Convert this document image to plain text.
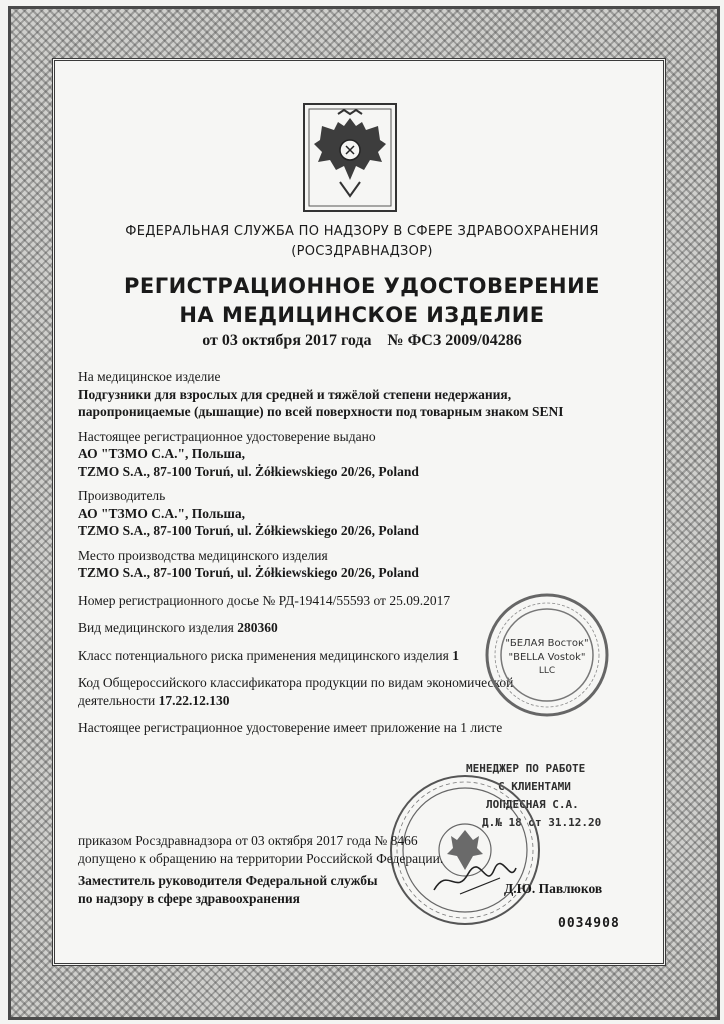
ФЕДЕРАЛЬНАЯ СЛУЖБА ПО НАДЗОРУ В СФЕРЕ ЗДРАВООХРАНЕНИЯ
(РОСЗДРАВНАДЗОР)
РЕГИСТРАЦИОННОЕ УДОСТОВЕРЕНИЕ
НА МЕДИЦИНСКОЕ ИЗДЕЛИЕ
от 03 октября 2017 года № ФСЗ 2009/04286
На медицинское изделие
Подгузники для взрослых для средней и тяжёлой степени недержания,
паропроницаемые (дышащие) по всей поверхности под товарным знаком SENI
Настоящее регистрационное удостоверение выдано
АО "ТЗМО С.А.", Польша,
TZMO S.A., 87-100 Toruń, ul. Żółkiewskiego 20/26, Poland
Производитель
АО "ТЗМО С.А.", Польша,
TZMO S.A., 87-100 Toruń, ul. Żółkiewskiego 20/26, Poland
Место производства медицинского изделия
TZMO S.A., 87-100 Toruń, ul. Żółkiewskiego 20/26, Poland
Номер регистрационного досье № РД-19414/55593 от 25.09.2017
Вид медицинского изделия 280360
Класс потенциального риска применения медицинского изделия 1
Код Общероссийского классификатора продукции по видам экономической
деятельности 17.22.12.130
Настоящее регистрационное удостоверение имеет приложение на 1 листе
"БЕЛАЯ Восток"
"BELLA Vostok"
LLC
МЕНЕДЖЕР ПО РАБОТЕ
С КЛИЕНТАМИ
ЛОПДЕСНАЯ С.А.
Д.№ 18 от 31.12.20
приказом Росздравнадзора от 03 октября 2017 года № 8466
допущено к обращению на территории Российской Федерации.
Заместитель руководителя Федеральной службы
по надзору в сфере здравоохранения
Д.Ю. Павлюков
0034908
